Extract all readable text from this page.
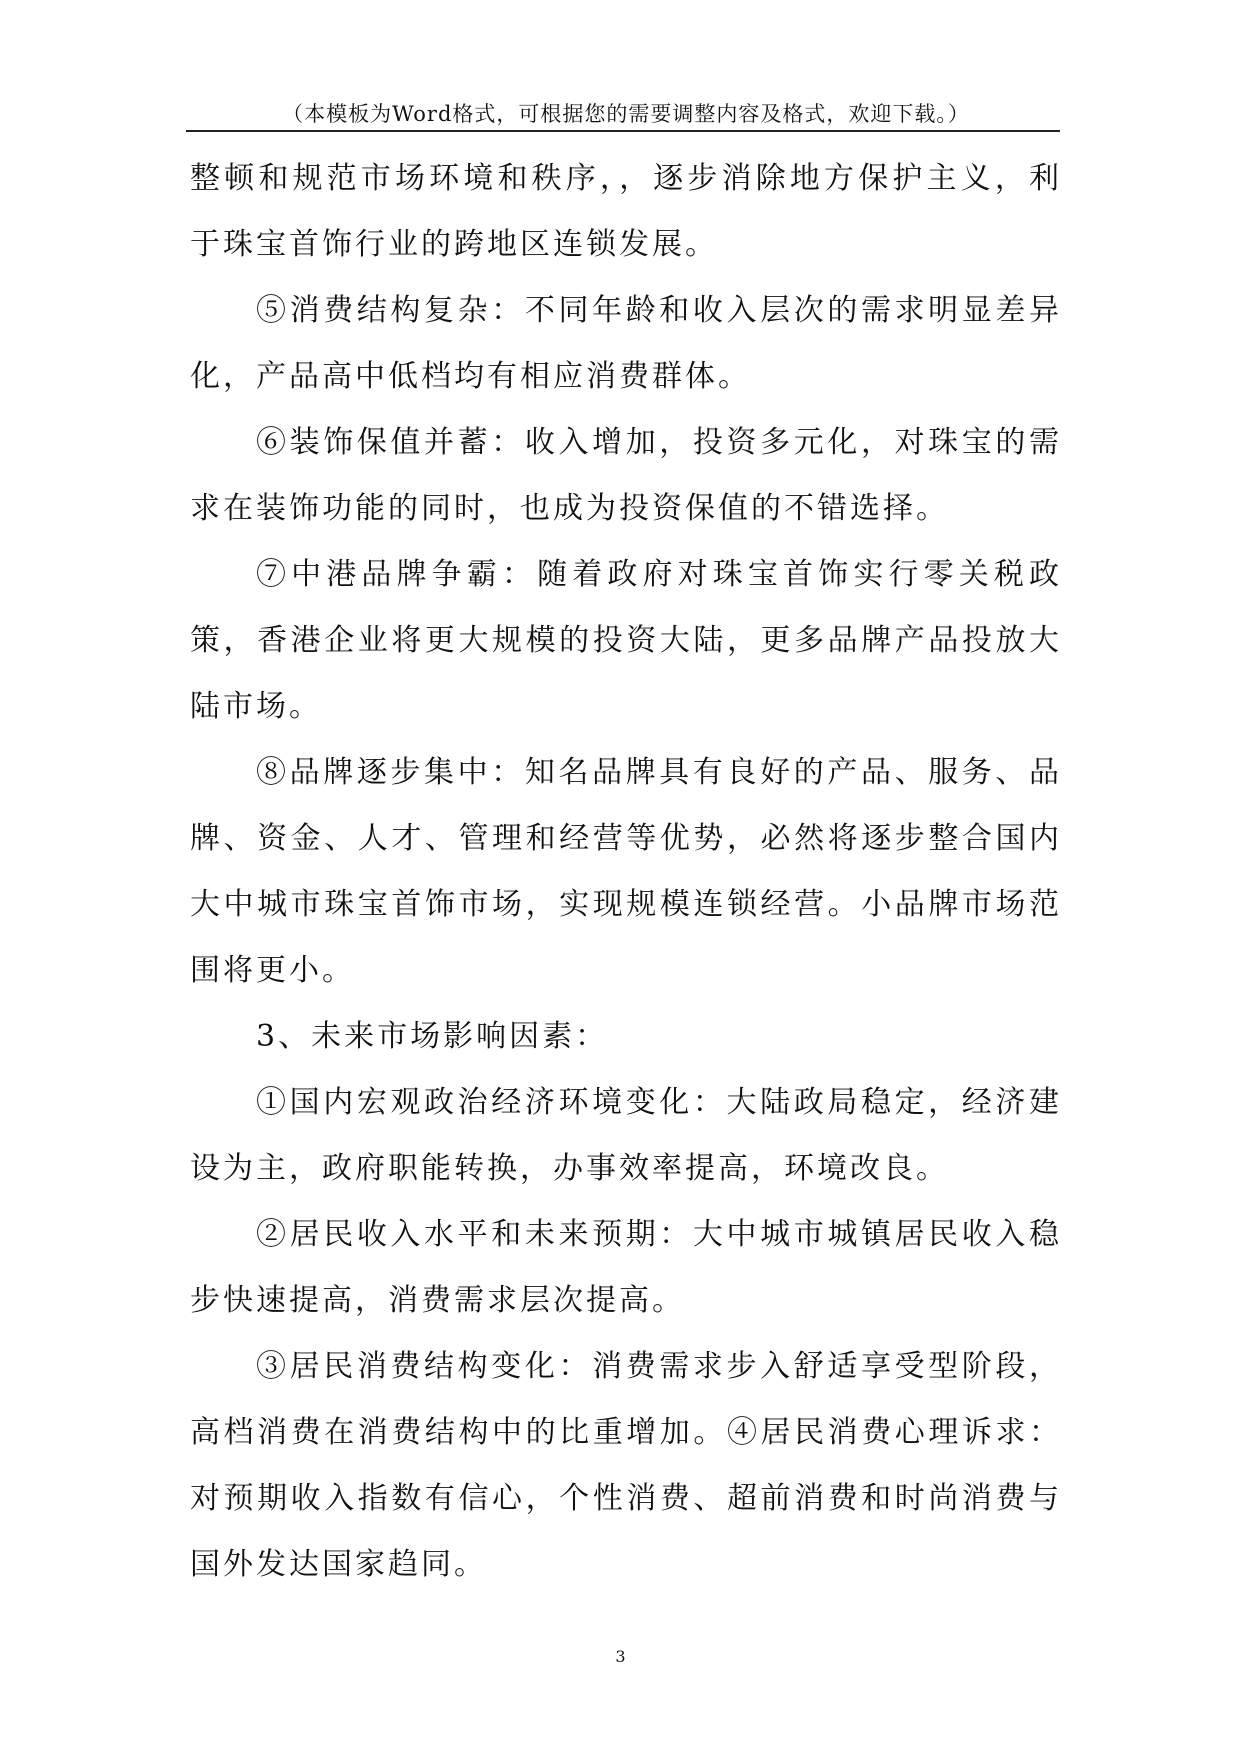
（本模板为Word格式，可根据您的需要调整内容及格式，欢迎下载。）

整顿和规范市场环境和秩序，，逐步消除地方保护主义，利于珠宝首饰行业的跨地区连锁发展。

⑤消费结构复杂：不同年龄和收入层次的需求明显差异化，产品高中低档均有相应消费群体。

⑥装饰保值并蓄：收入增加，投资多元化，对珠宝的需求在装饰功能的同时，也成为投资保值的不错选择。

⑦中港品牌争霸：随着政府对珠宝首饰实行零关税政策，香港企业将更大规模的投资大陆，更多品牌产品投放大陆市场。

⑧品牌逐步集中：知名品牌具有良好的产品、服务、品牌、资金、人才、管理和经营等优势，必然将逐步整合国内大中城市珠宝首饰市场，实现规模连锁经营。小品牌市场范围将更小。

3、未来市场影响因素：

①国内宏观政治经济环境变化：大陆政局稳定，经济建设为主，政府职能转换，办事效率提高，环境改良。

②居民收入水平和未来预期：大中城市城镇居民收入稳步快速提高，消费需求层次提高。

③居民消费结构变化：消费需求步入舒适享受型阶段，高档消费在消费结构中的比重增加。④居民消费心理诉求：对预期收入指数有信心，个性消费、超前消费和时尚消费与国外发达国家趋同。

3
